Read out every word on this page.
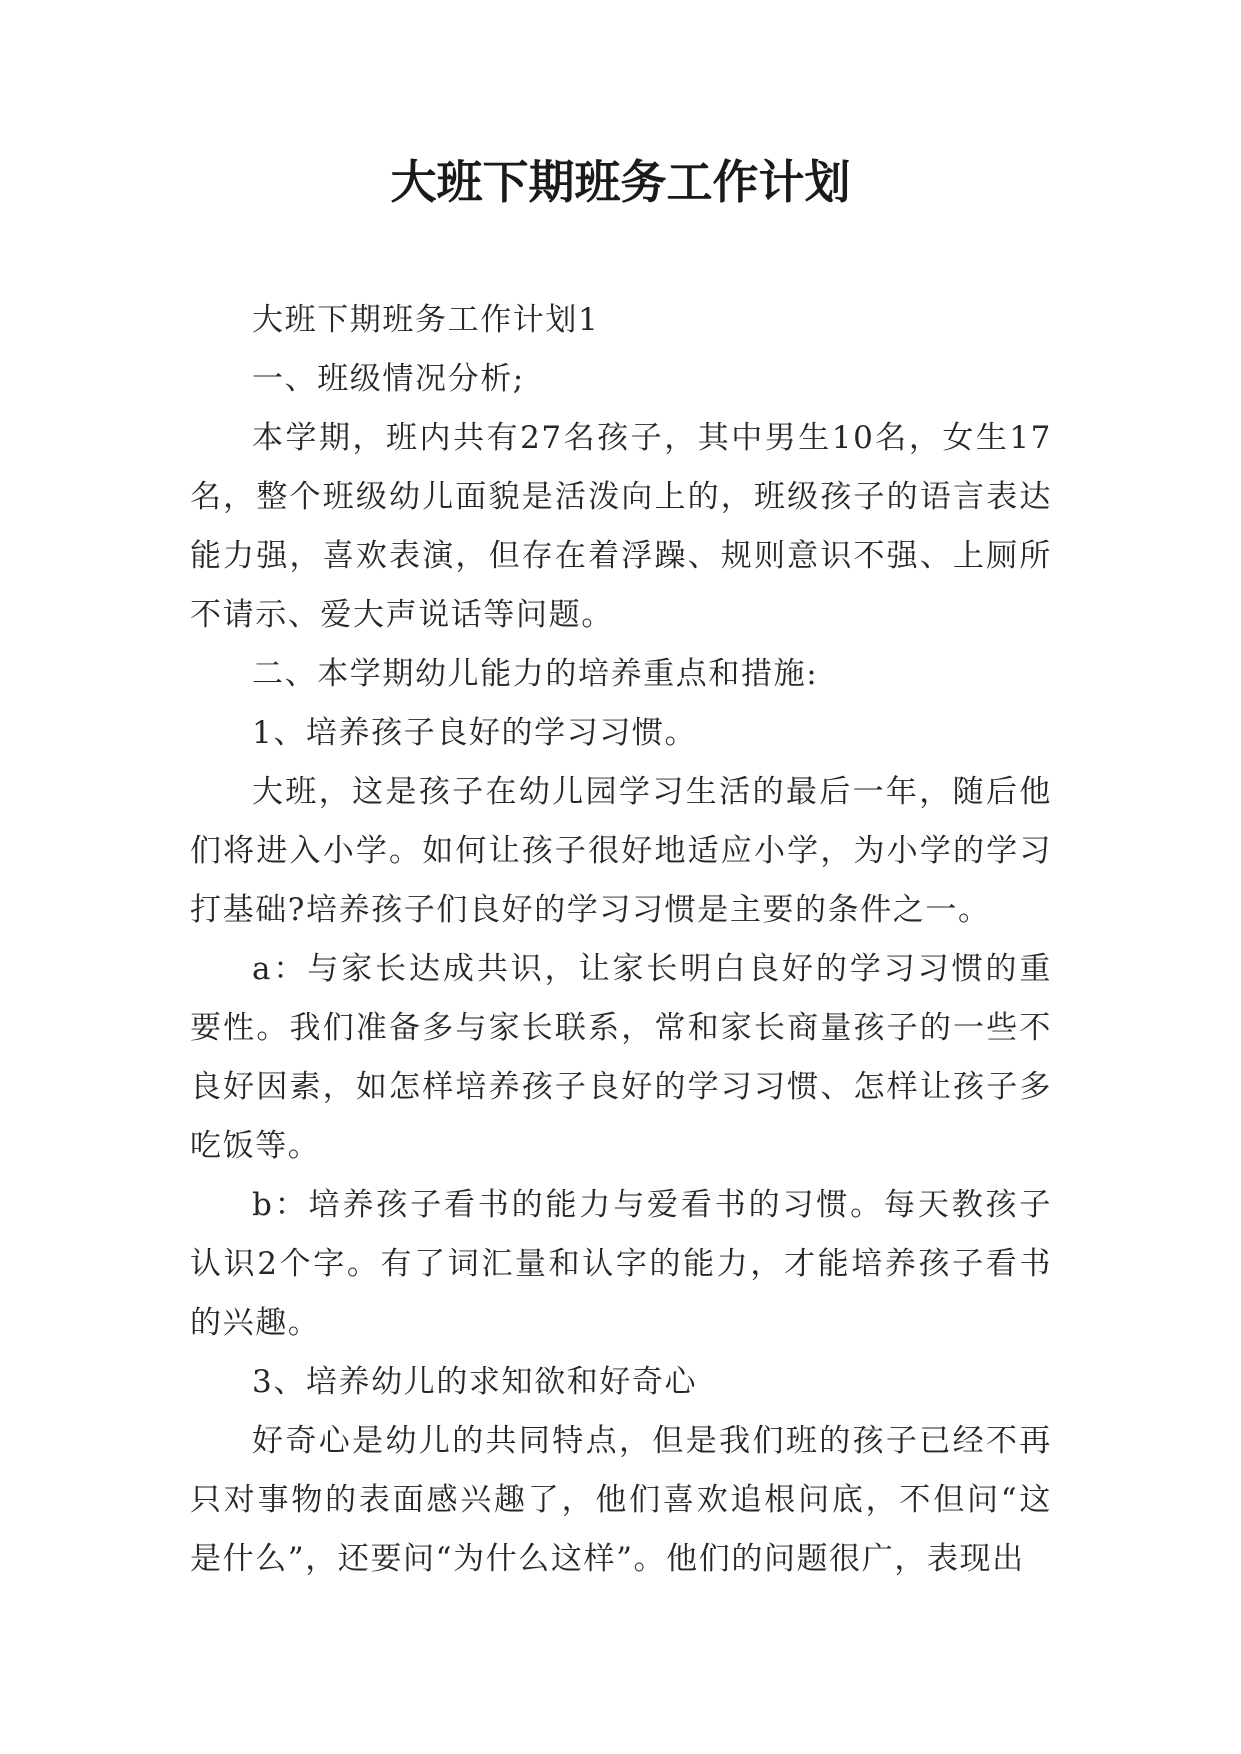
大班下期班务工作计划

大班下期班务工作计划1

一、班级情况分析;

本学期，班内共有27名孩子，其中男生10名，女生17名，整个班级幼儿面貌是活泼向上的，班级孩子的语言表达能力强，喜欢表演，但存在着浮躁、规则意识不强、上厕所不请示、爱大声说话等问题。

二、本学期幼儿能力的培养重点和措施:

1、培养孩子良好的学习习惯。

大班，这是孩子在幼儿园学习生活的最后一年，随后他们将进入小学。如何让孩子很好地适应小学，为小学的学习打基础?培养孩子们良好的学习习惯是主要的条件之一。

a：与家长达成共识，让家长明白良好的学习习惯的重要性。我们准备多与家长联系，常和家长商量孩子的一些不良好因素，如怎样培养孩子良好的学习习惯、怎样让孩子多吃饭等。

b：培养孩子看书的能力与爱看书的习惯。每天教孩子认识2个字。有了词汇量和认字的能力，才能培养孩子看书的兴趣。

3、培养幼儿的求知欲和好奇心

好奇心是幼儿的共同特点，但是我们班的孩子已经不再只对事物的表面感兴趣了，他们喜欢追根问底，不但问“这是什么”，还要问“为什么这样”。他们的问题很广，表现出
